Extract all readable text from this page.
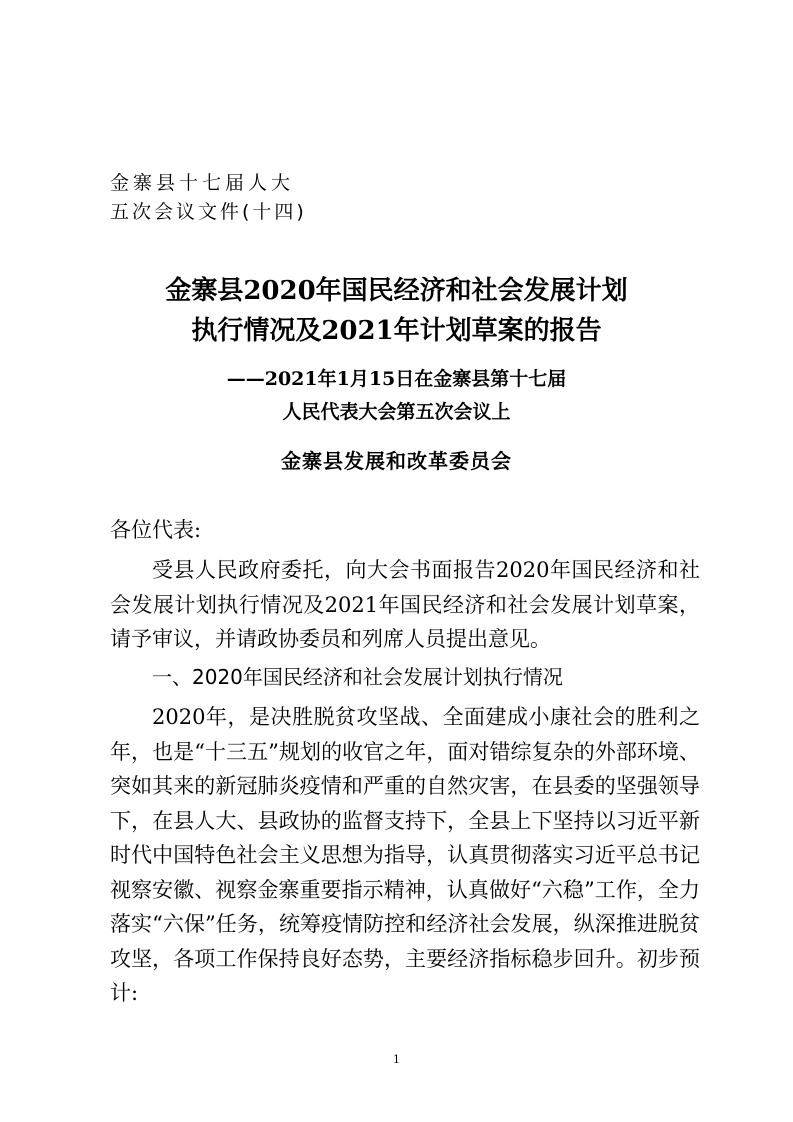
金寨县十七届人大
五次会议文件(十四)
金寨县2020年国民经济和社会发展计划
执行情况及2021年计划草案的报告
——2021年1月15日在金寨县第十七届
人民代表大会第五次会议上
金寨县发展和改革委员会
各位代表:
受县人民政府委托，向大会书面报告2020年国民经济和社会发展计划执行情况及2021年国民经济和社会发展计划草案，请予审议，并请政协委员和列席人员提出意见。
一、2020年国民经济和社会发展计划执行情况
2020年，是决胜脱贫攻坚战、全面建成小康社会的胜利之年，也是“十三五”规划的收官之年，面对错综复杂的外部环境、突如其来的新冠肺炎疫情和严重的自然灾害，在县委的坚强领导下，在县人大、县政协的监督支持下，全县上下坚持以习近平新时代中国特色社会主义思想为指导，认真贯彻落实习近平总书记视察安徽、视察金寨重要指示精神，认真做好“六稳”工作，全力落实“六保”任务，统筹疫情防控和经济社会发展，纵深推进脱贫攻坚，各项工作保持良好态势，主要经济指标稳步回升。初步预计:
1
